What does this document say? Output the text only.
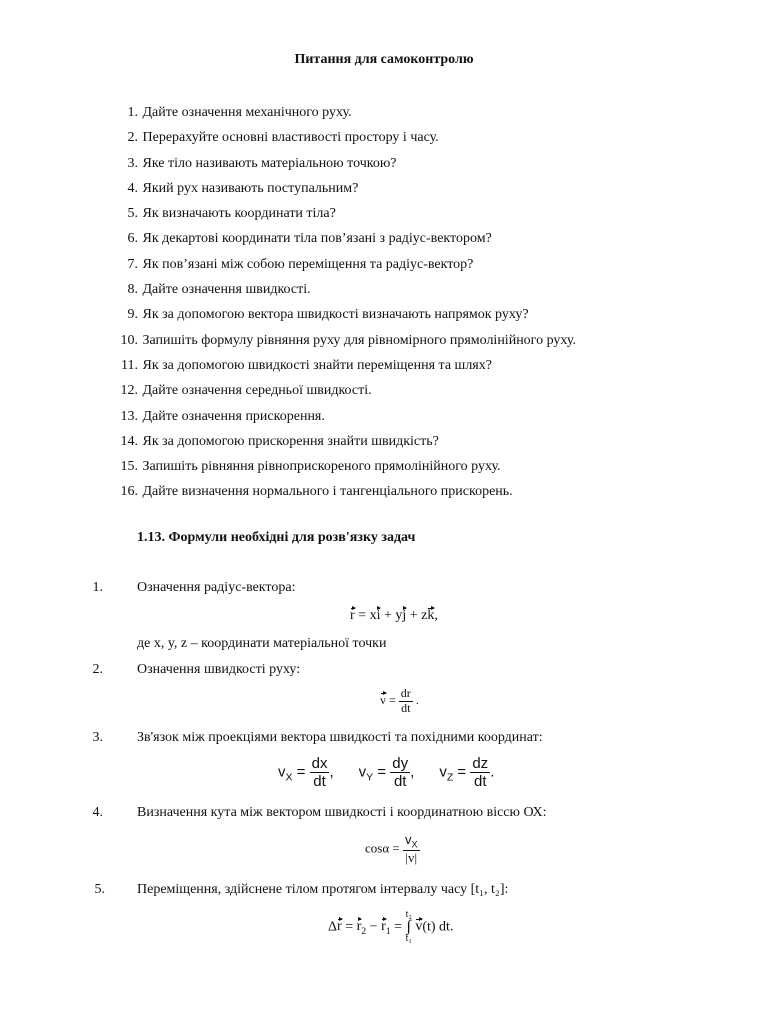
Питання для самоконтролю
1. Дайте означення механічного руху.
2. Перерахуйте основні властивості простору і часу.
3. Яке тіло називають матеріальною точкою?
4. Який рух називають поступальним?
5. Як визначають координати тіла?
6. Як декартові координати тіла пов’язані з радіус-вектором?
7. Як пов’язані між собою переміщення та радіус-вектор?
8. Дайте означення швидкості.
9. Як за допомогою вектора швидкості визначають напрямок руху?
10. Запишіть формулу рівняння руху для рівномірного прямолінійного руху.
11. Як за допомогою швидкості знайти переміщення та шлях?
12. Дайте означення середньої швидкості.
13. Дайте означення прискорення.
14. Як за допомогою прискорення знайти швидкість?
15. Запишіть рівняння рівноприскореного прямолінійного руху.
16. Дайте визначення нормального і тангенціального прискорень.
1.13. Формули необхідні для розв'язку задач
1. Означення радіус-вектора:
r = xi + yj + zk,
де x, y, z – координати матеріальної точки
2. Означення швидкості руху:
$v = \frac{dr}{dt}$ .
3. Зв'язок між проекціями вектора швидкості та похідними координат:
$v_X = \frac{dx}{dt}$ , $v_Y = \frac{dy}{dt}$ , $v_Z = \frac{dz}{dt}$ .
4. Визначення кута між вектором швидкості і координатною віссю ОХ:
$\cos\alpha = \frac{v_X}{|v|}$
5. Переміщення, здійснене тілом протягом інтервалу часу [t₁, t₂]:
$\Delta r = r_2 - r_1$ =
t₂
∫
t₁
v(t) dt.
